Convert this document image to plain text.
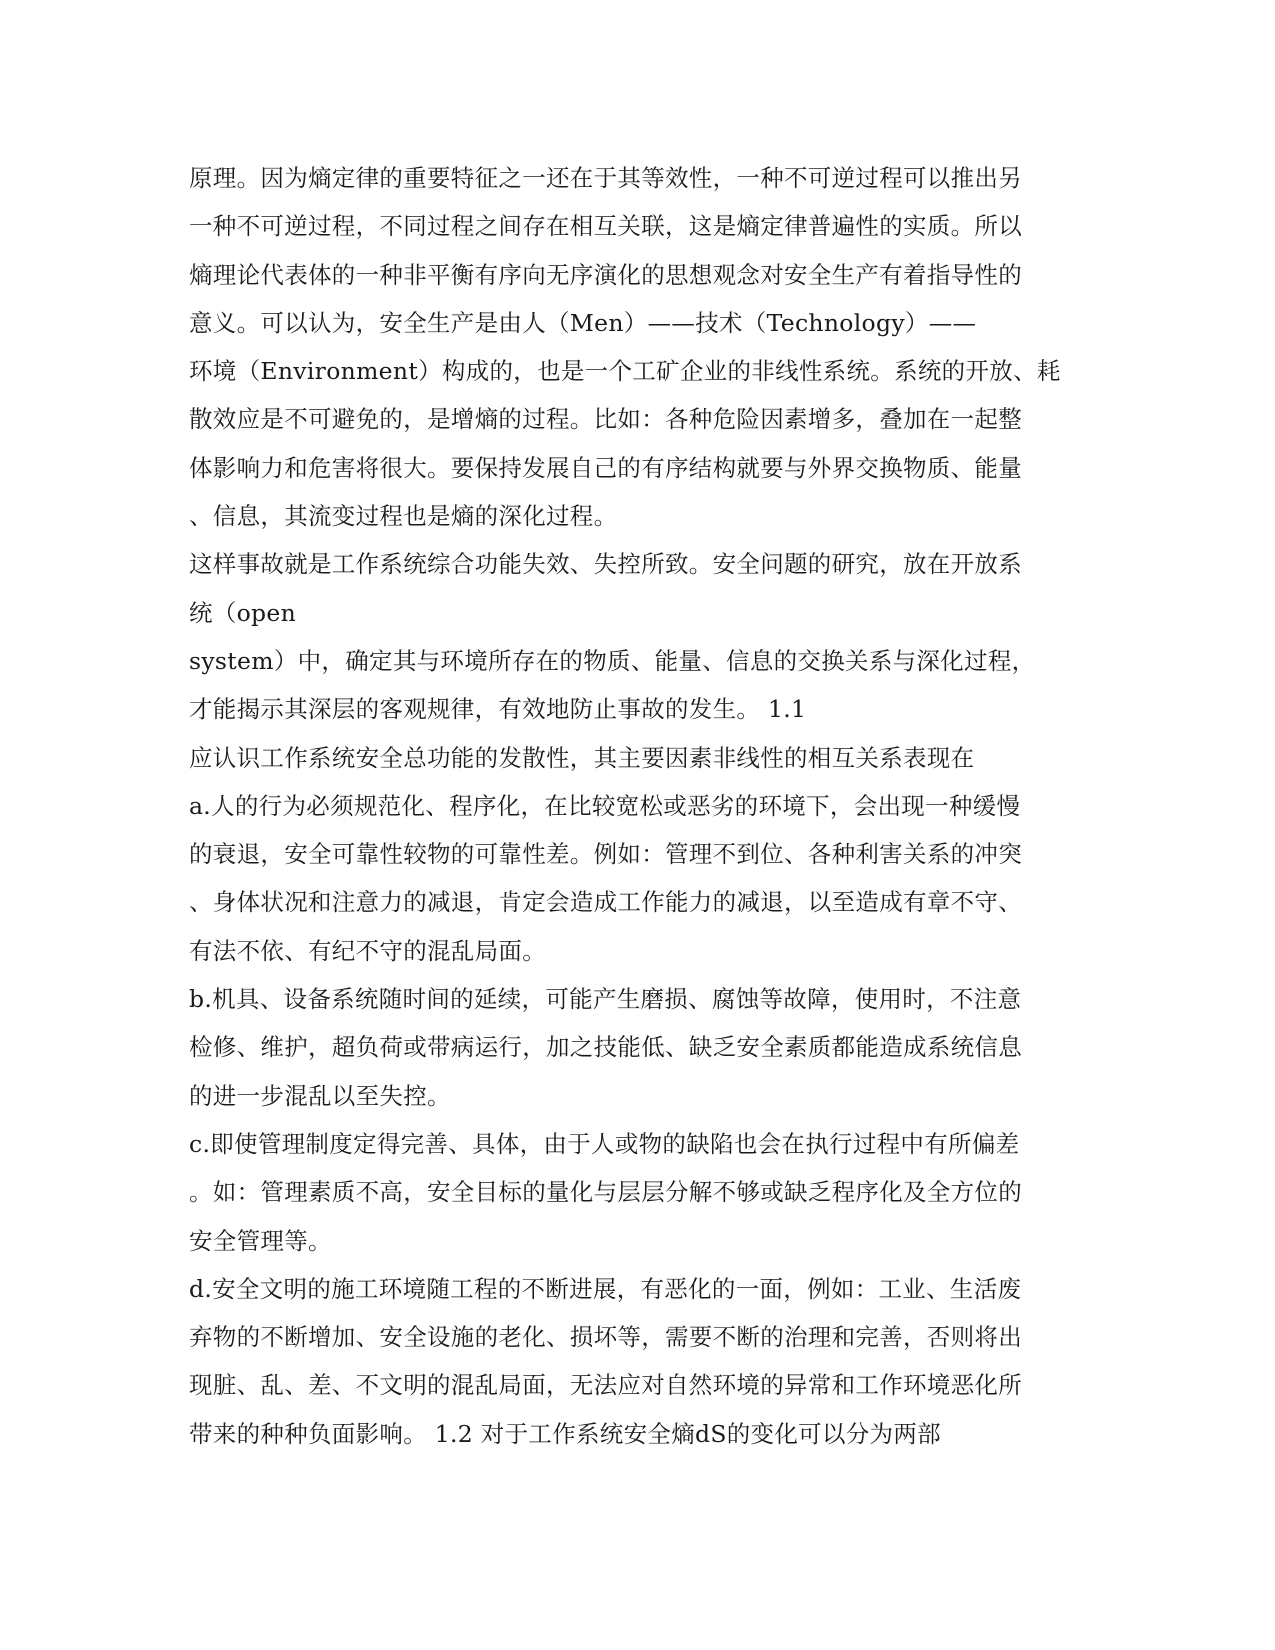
原理。因为熵定律的重要特征之一还在于其等效性，一种不可逆过程可以推出另
一种不可逆过程，不同过程之间存在相互关联，这是熵定律普遍性的实质。所以
熵理论代表体的一种非平衡有序向无序演化的思想观念对安全生产有着指导性的
意义。可以认为，安全生产是由人（Men）——技术（Technology）——
环境（Environment）构成的，也是一个工矿企业的非线性系统。系统的开放、耗
散效应是不可避免的，是增熵的过程。比如：各种危险因素增多，叠加在一起整
体影响力和危害将很大。要保持发展自己的有序结构就要与外界交换物质、能量
、信息，其流变过程也是熵的深化过程。
这样事故就是工作系统综合功能失效、失控所致。安全问题的研究，放在开放系
统（open
system）中，确定其与环境所存在的物质、能量、信息的交换关系与深化过程，
才能揭示其深层的客观规律，有效地防止事故的发生。 1.1
应认识工作系统安全总功能的发散性，其主要因素非线性的相互关系表现在
a.人的行为必须规范化、程序化，在比较宽松或恶劣的环境下，会出现一种缓慢
的衰退，安全可靠性较物的可靠性差。例如：管理不到位、各种利害关系的冲突
、身体状况和注意力的减退，肯定会造成工作能力的减退，以至造成有章不守、
有法不依、有纪不守的混乱局面。
b.机具、设备系统随时间的延续，可能产生磨损、腐蚀等故障，使用时，不注意
检修、维护，超负荷或带病运行，加之技能低、缺乏安全素质都能造成系统信息
的进一步混乱以至失控。
c.即使管理制度定得完善、具体，由于人或物的缺陷也会在执行过程中有所偏差
。如：管理素质不高，安全目标的量化与层层分解不够或缺乏程序化及全方位的
安全管理等。
d.安全文明的施工环境随工程的不断进展，有恶化的一面，例如：工业、生活废
弃物的不断增加、安全设施的老化、损坏等，需要不断的治理和完善，否则将出
现脏、乱、差、不文明的混乱局面，无法应对自然环境的异常和工作环境恶化所
带来的种种负面影响。 1.2 对于工作系统安全熵dS的变化可以分为两部
